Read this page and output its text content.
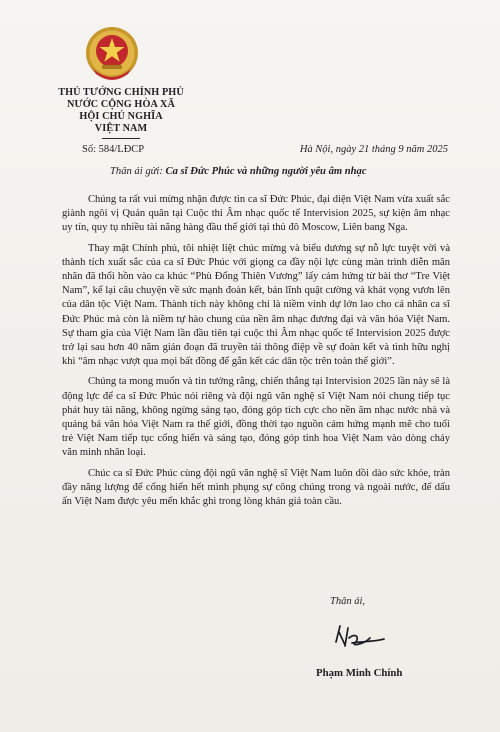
THỦ TƯỚNG CHÍNH PHỦ
NƯỚC CỘNG HÒA XÃ HỘI CHỦ NGHĨA
VIỆT NAM
Số: 584/LĐCP	Hà Nội, ngày 21 tháng 9 năm 2025
Thân ái gửi: Ca sĩ Đức Phúc và những người yêu âm nhạc

Chúng ta rất vui mừng nhận được tin ca sĩ Đức Phúc, đại diện Việt Nam vừa xuất sắc giành ngôi vị Quán quân tại Cuộc thi Âm nhạc quốc tế Intervision 2025, sự kiện âm nhạc uy tín, quy tụ nhiều tài năng hàng đầu thế giới tại thủ đô Moscow, Liên bang Nga.

Thay mặt Chính phủ, tôi nhiệt liệt chúc mừng và biểu dương sự nỗ lực tuyệt vời và thành tích xuất sắc của ca sĩ Đức Phúc với giọng ca đầy nội lực cùng màn trình diễn mãn nhãn đã thổi hồn vào ca khúc “Phù Đổng Thiên Vương” lấy cảm hứng từ bài thơ “Tre Việt Nam”, kể lại câu chuyện về sức mạnh đoàn kết, bản lĩnh quật cường và khát vọng vươn lên của dân tộc Việt Nam. Thành tích này không chỉ là niềm vinh dự lớn lao cho cá nhân ca sĩ Đức Phúc mà còn là niềm tự hào chung của nền âm nhạc đương đại và văn hóa Việt Nam. Sự tham gia của Việt Nam lần đầu tiên tại cuộc thi Âm nhạc quốc tế Intervision 2025 được trở lại sau hơn 40 năm gián đoạn đã truyền tải thông điệp về sự đoàn kết và tình hữu nghị khi “âm nhạc vượt qua mọi bất đồng để gắn kết các dân tộc trên toàn thế giới”.

Chúng ta mong muốn và tin tưởng rằng, chiến thắng tại Intervision 2025 lần này sẽ là động lực để ca sĩ Đức Phúc nói riêng và đội ngũ văn nghệ sĩ Việt Nam nói chung tiếp tục phát huy tài năng, không ngừng sáng tạo, đóng góp tích cực cho nền âm nhạc nước nhà và quảng bá văn hóa Việt Nam ra thế giới, đồng thời tạo nguồn cảm hứng mạnh mẽ cho tuổi trẻ Việt Nam tiếp tục cống hiến và sáng tạo, đóng góp tinh hoa Việt Nam vào dòng chảy văn minh nhân loại.

Chúc ca sĩ Đức Phúc cùng đội ngũ văn nghệ sĩ Việt Nam luôn dồi dào sức khỏe, tràn đầy năng lượng để cống hiến hết mình phụng sự công chúng trong và ngoài nước, để dấu ấn Việt Nam được yêu mến khắc ghi trong lòng khán giả toàn cầu.

Thân ái,
Phạm Minh Chính
